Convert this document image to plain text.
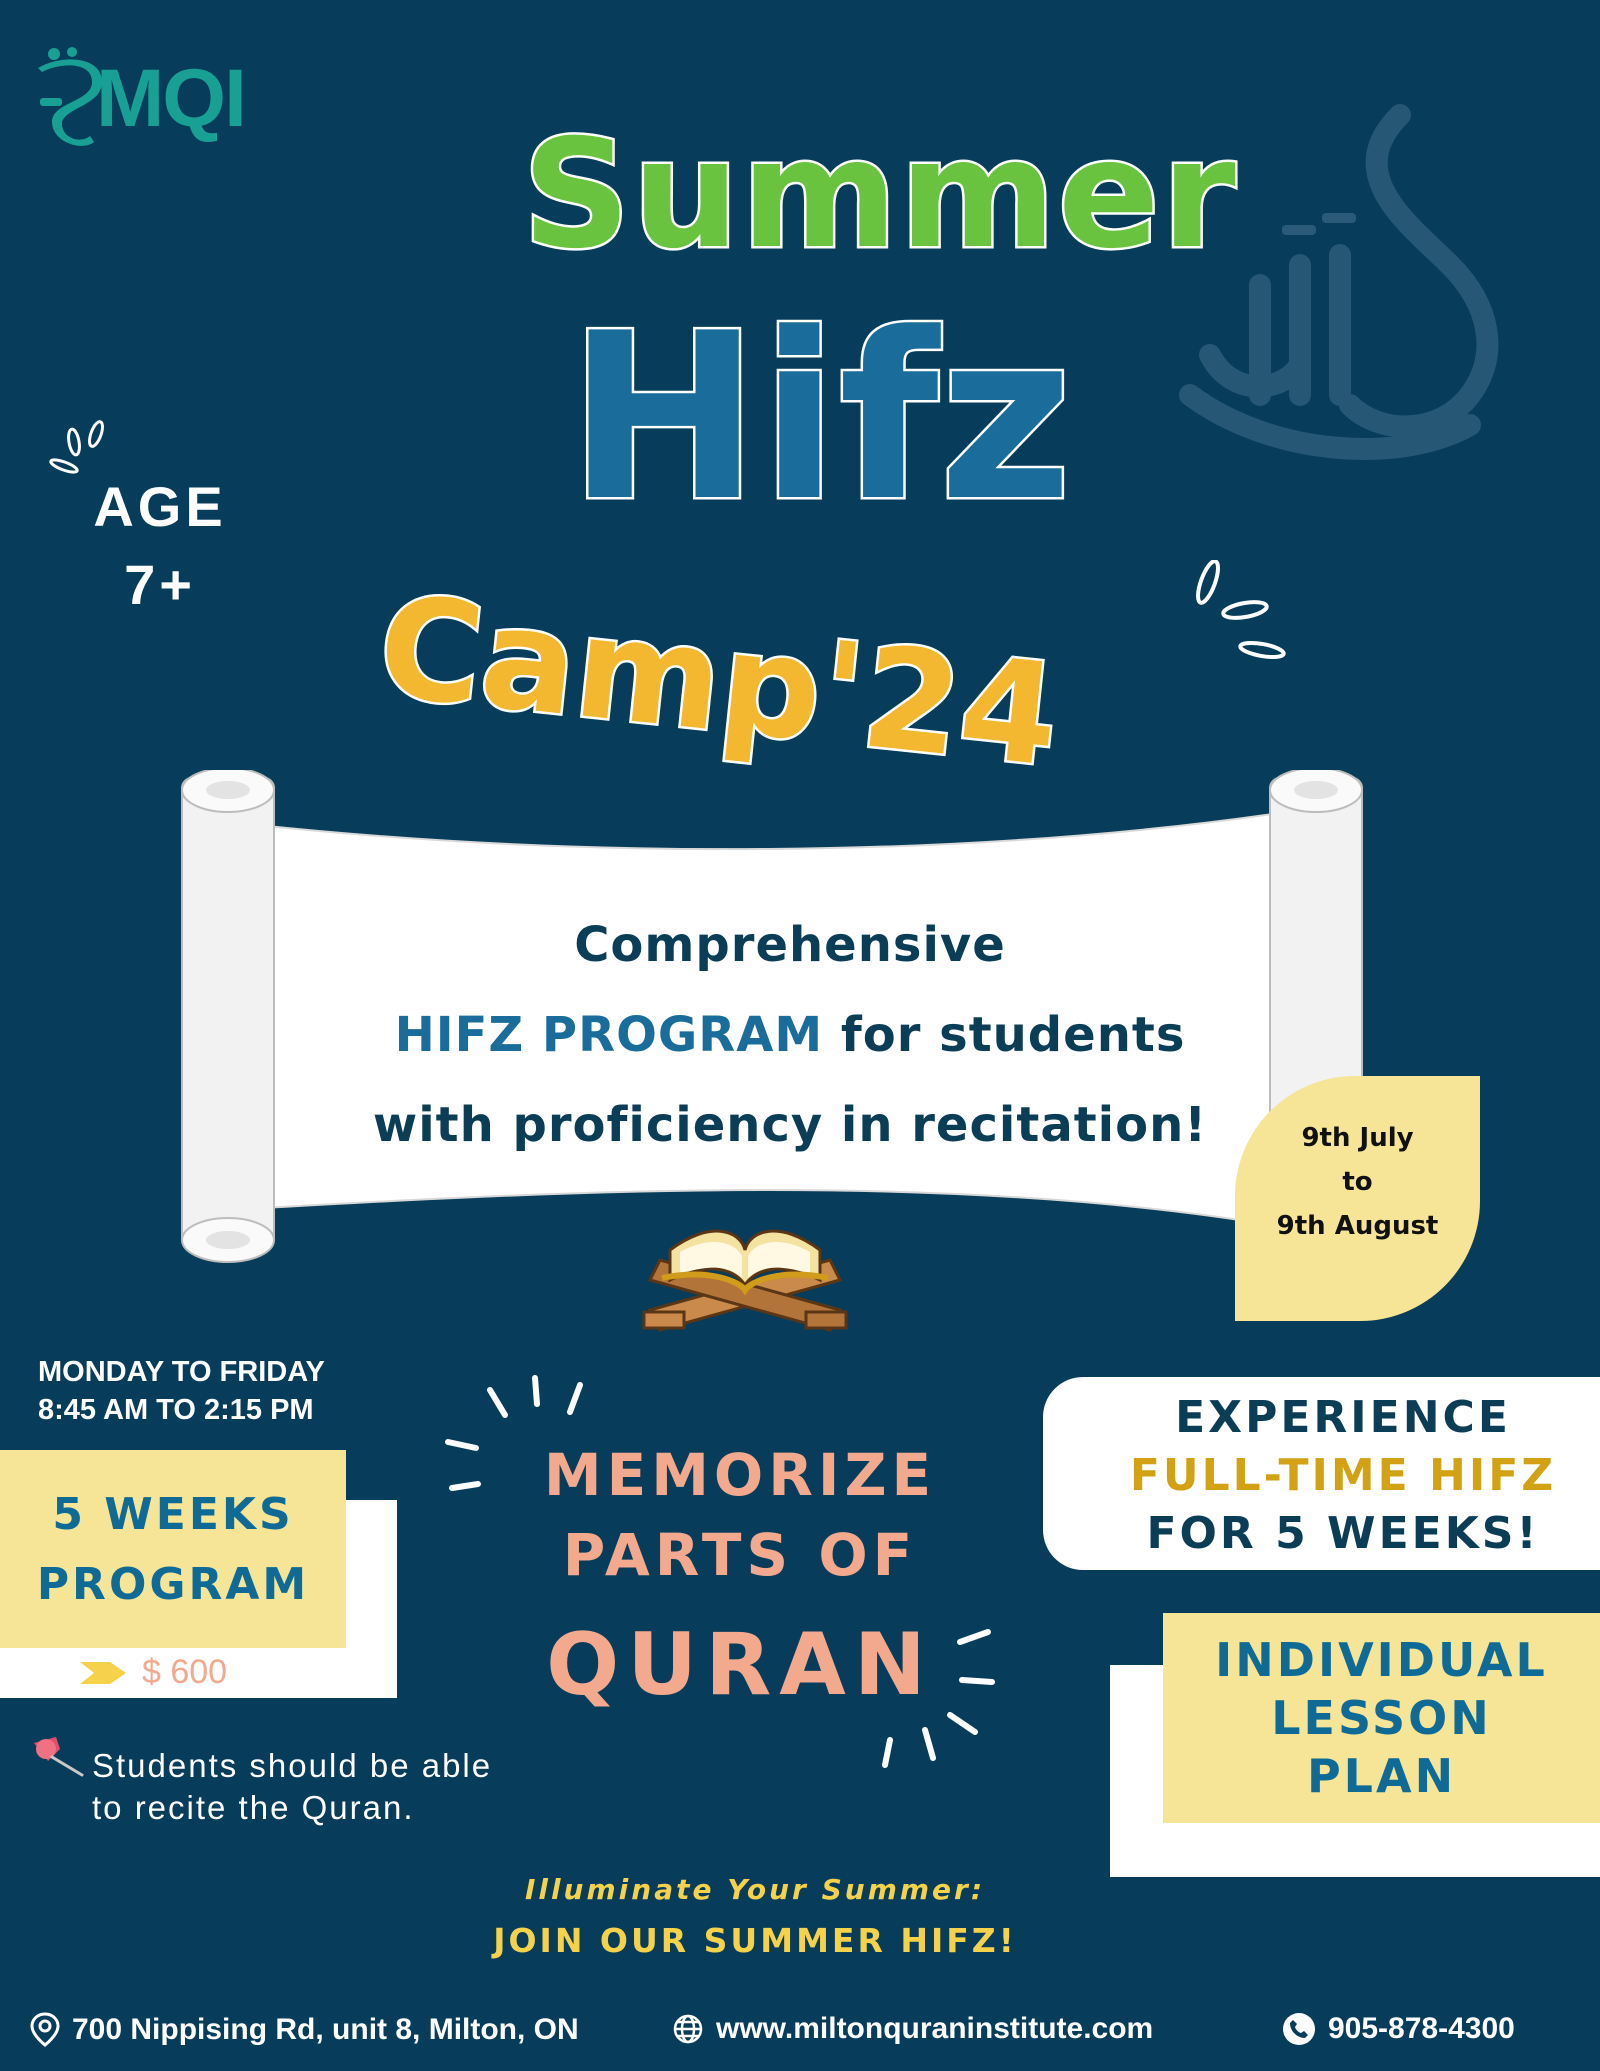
MQI
Summer
Hifz
Camp'24
AGE
7+
Comprehensive
HIFZ PROGRAM for students
with proficiency in recitation!	9th July
to
9th August
MONDAY TO FRIDAY
8:45 AM TO 2:15 PM
5 WEEKS
PROGRAM
$ 600
Students should be able
to recite the Quran.
MEMORIZE
PARTS OF
QURAN
EXPERIENCE
FULL-TIME HIFZ
FOR 5 WEEKS!
INDIVIDUAL
LESSON
PLAN
Illuminate Your Summer:
JOIN OUR SUMMER HIFZ!
700 Nippising Rd, unit 8, Milton, ON	www.miltonquraninstitute.com	905-878-4300
